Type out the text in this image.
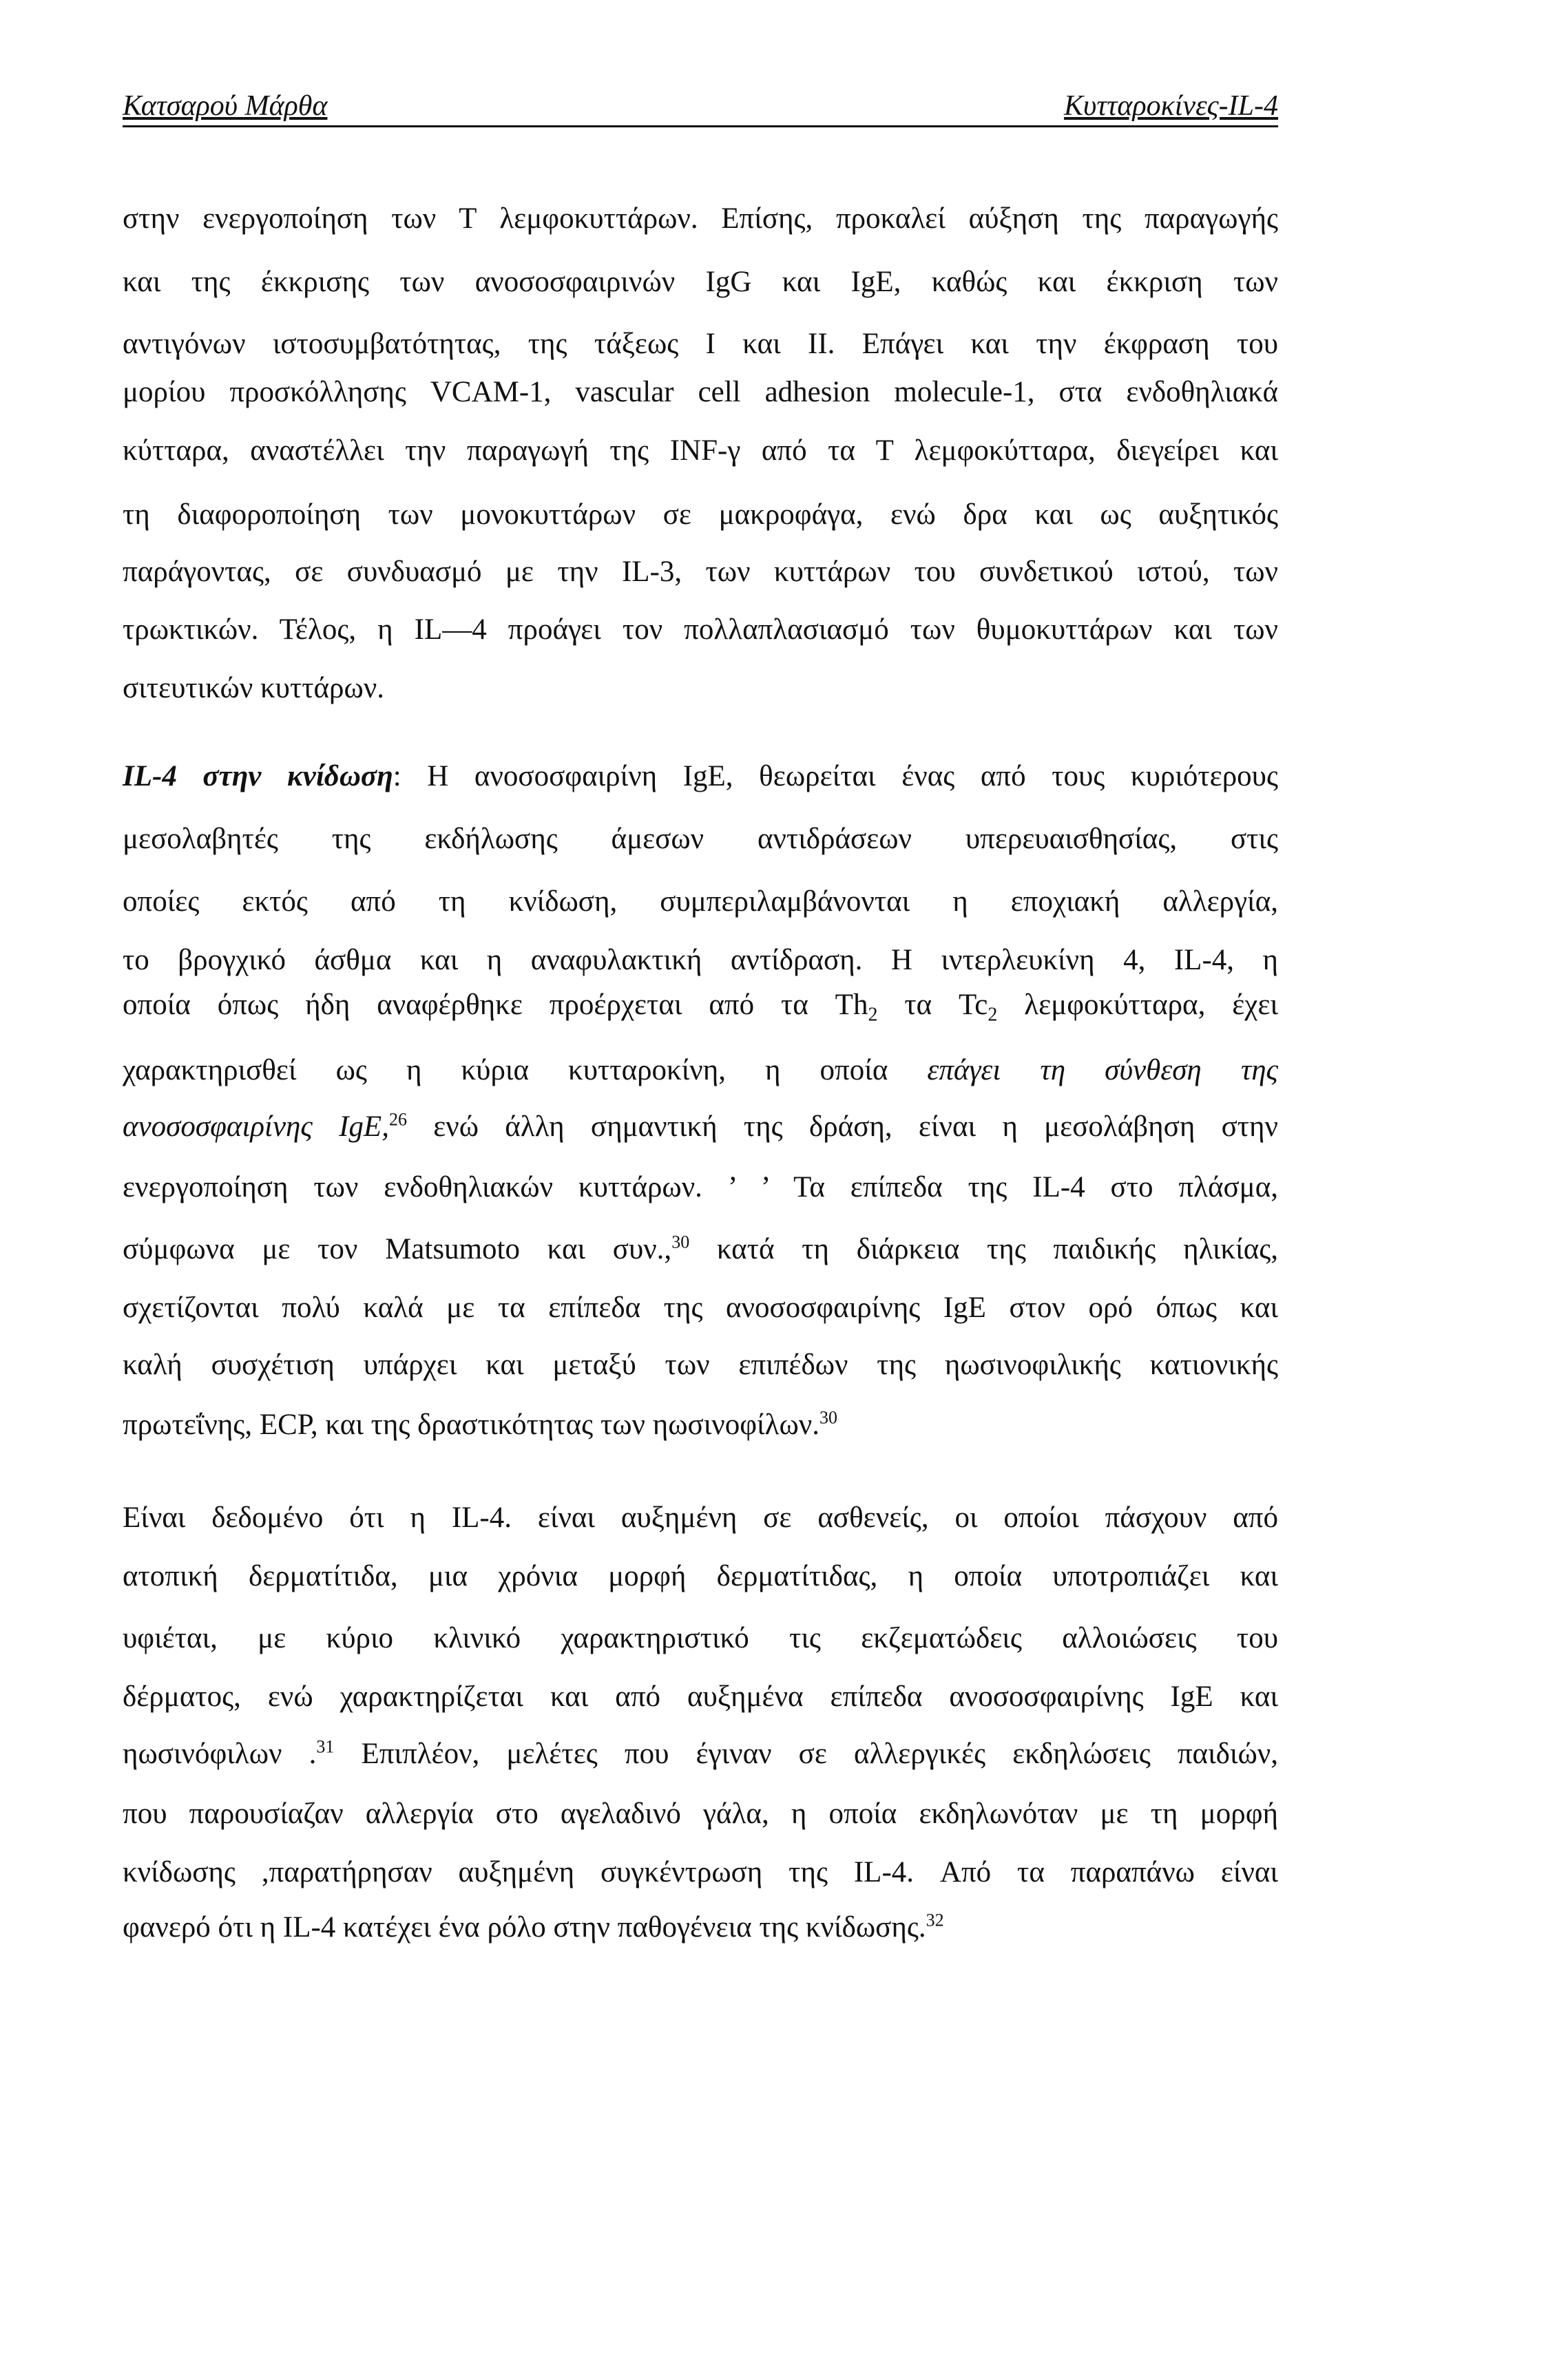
Κατσαρού Μάρθα	Κυτταροκίνες-IL-4
στην ενεργοποίηση των Τ λεμφοκυττάρων. Επίσης, προκαλεί αύξηση της παραγωγής
και της έκκρισης των ανοσοσφαιρινών IgG και IgE, καθώς και έκκριση των
αντιγόνων ιστοσυμβατότητας, της τάξεως Ι και II. Επάγει και την έκφραση του
μορίου προσκόλλησης VCAM-1, vascular cell adhesion molecule-1, στα ενδοθηλιακά
κύτταρα, αναστέλλει την παραγωγή της INF-γ από τα Τ λεμφοκύτταρα, διεγείρει και
τη διαφοροποίηση των μονοκυττάρων σε μακροφάγα, ενώ δρα και ως αυξητικός
παράγοντας, σε συνδυασμό με την IL-3, των κυττάρων του συνδετικού ιστού, των
τρωκτικών. Τέλος, η IL—4 προάγει τον πολλαπλασιασμό των θυμοκυττάρων και των
σιτευτικών κυττάρων.
IL-4 στην κνίδωση: Η ανοσοσφαιρίνη IgE, θεωρείται ένας από τους κυριότερους
μεσολαβητές της εκδήλωσης άμεσων αντιδράσεων υπερευαισθησίας, στις
οποίες εκτός από τη κνίδωση, συμπεριλαμβάνονται η εποχιακή αλλεργία,
το βρογχικό άσθμα και η αναφυλακτική αντίδραση. Η ιντερλευκίνη 4, IL-4, η
οποία όπως ήδη αναφέρθηκε προέρχεται από τα $Th_2$ τα $Tc_2$ λεμφοκύτταρα, έχει
χαρακτηρισθεί ως η κύρια κυτταροκίνη, η οποία επάγει τη σύνθεση της
ανοσοσφαιρίνης IgE,$^{26}$ ενώ άλλη σημαντική της δράση, είναι η μεσολάβηση στην
ενεργοποίηση των ενδοθηλιακών κυττάρων. ’ ’ Τα επίπεδα της IL-4 στο πλάσμα,
σύμφωνα με τον Matsumoto και συν.,$^{30}$ κατά τη διάρκεια της παιδικής ηλικίας,
σχετίζονται πολύ καλά με τα επίπεδα της ανοσοσφαιρίνης IgE στον ορό όπως και
καλή συσχέτιση υπάρχει και μεταξύ των επιπέδων της ηωσινοφιλικής κατιονικής
πρωτεΐνης, ECP, και της δραστικότητας των ηωσινοφίλων.$^{30}$
Είναι δεδομένο ότι η IL-4. είναι αυξημένη σε ασθενείς, οι οποίοι πάσχουν από
ατοπική δερματίτιδα, μια χρόνια μορφή δερματίτιδας, η οποία υποτροπιάζει και
υφιέται, με κύριο κλινικό χαρακτηριστικό τις εκζεματώδεις αλλοιώσεις του
δέρματος, ενώ χαρακτηρίζεται και από αυξημένα επίπεδα ανοσοσφαιρίνης IgE και
ηωσινόφιλων .$^{31}$ Επιπλέον, μελέτες που έγιναν σε αλλεργικές εκδηλώσεις παιδιών,
που παρουσίαζαν αλλεργία στο αγελαδινό γάλα, η οποία εκδηλωνόταν με τη μορφή
κνίδωσης ,παρατήρησαν αυξημένη συγκέντρωση της IL-4. Από τα παραπάνω είναι
φανερό ότι η IL-4 κατέχει ένα ρόλο στην παθογένεια της κνίδωσης.$^{32}$
